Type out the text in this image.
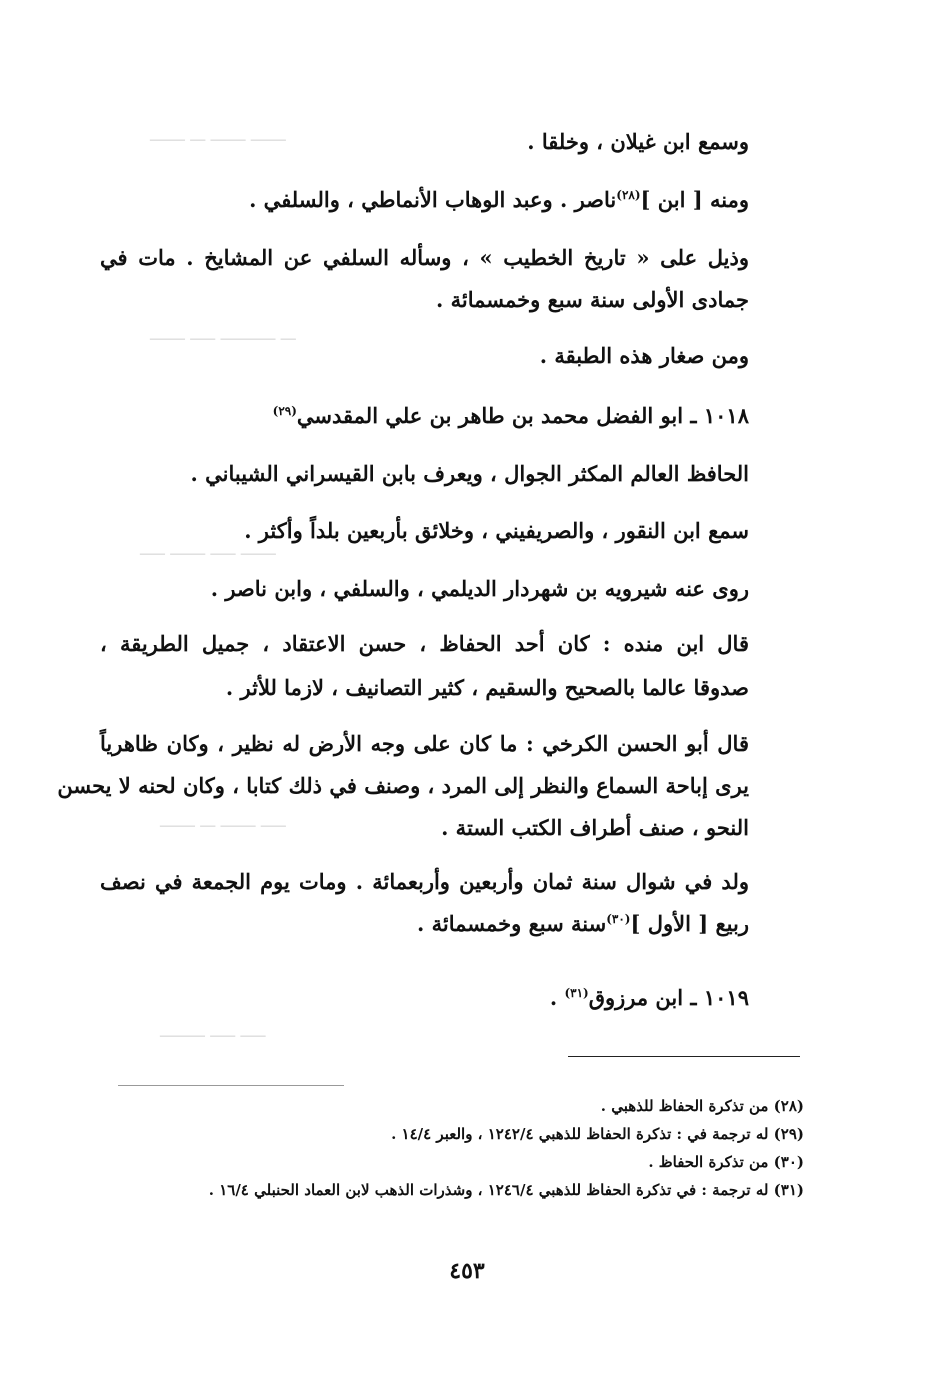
ـــــــ ـــ ـــــــ ـــــــ
ـــــــ ـــــ ـــــــــــ ـــ
ـــــ ـــــــ ـــــ ـــــــ
ـــــــ ـــ ـــــــ ـــــ
ـــــــــ ـــــ ـــــ
وسمع ابن غيلان ، وخلقا .
ومنه [ ابن ]$^{(٢٨)}$ناصر . وعبد الوهاب الأنماطي ، والسلفي .
وذيل على « تاريخ الخطيب » ، وسأله السلفي عن المشايخ . مات في
جمادى الأولى سنة سبع وخمسمائة .
ومن صغار هذه الطبقة .
١٠١٨ ـ ابو الفضل محمد بن طاهر بن علي المقدسي$^{(٢٩)}$
الحافظ العالم المكثر الجوال ، ويعرف بابن القيسراني الشيباني .
سمع ابن النقور ، والصريفيني ، وخلائق بأربعين بلداً وأكثر .
روى عنه شيرويه بن شهردار الديلمي ، والسلفي ، وابن ناصر .
قال ابن منده : كان أحد الحفاظ ، حسن الاعتقاد ، جميل الطريقة ،
صدوقا عالما بالصحيح والسقيم ، كثير التصانيف ، لازما للأثر .
قال أبو الحسن الكرخي : ما كان على وجه الأرض له نظير ، وكان ظاهرياً
يرى إباحة السماع والنظر إلى المرد ، وصنف في ذلك كتابا ، وكان لحنه لا يحسن
النحو ، صنف أطراف الكتب الستة .
ولد في شوال سنة ثمان وأربعين وأربعمائة . ومات يوم الجمعة في نصف
ربيع [ الأول ]$^{(٣٠)}$سنة سبع وخمسمائة .
١٠١٩ ـ ابن مرزوق$^{(٣١)}$ .
(٢٨) من تذكرة الحفاظ للذهبي .
(٢٩) له ترجمة في : تذكرة الحفاظ للذهبي ١٢٤٢/٤ ، والعبر ١٤/٤ .
(٣٠) من تذكرة الحفاظ .
(٣١) له ترجمة : في تذكرة الحفاظ للذهبي ١٢٤٦/٤ ، وشذرات الذهب لابن العماد الحنبلي ١٦/٤ .
٤٥٣
